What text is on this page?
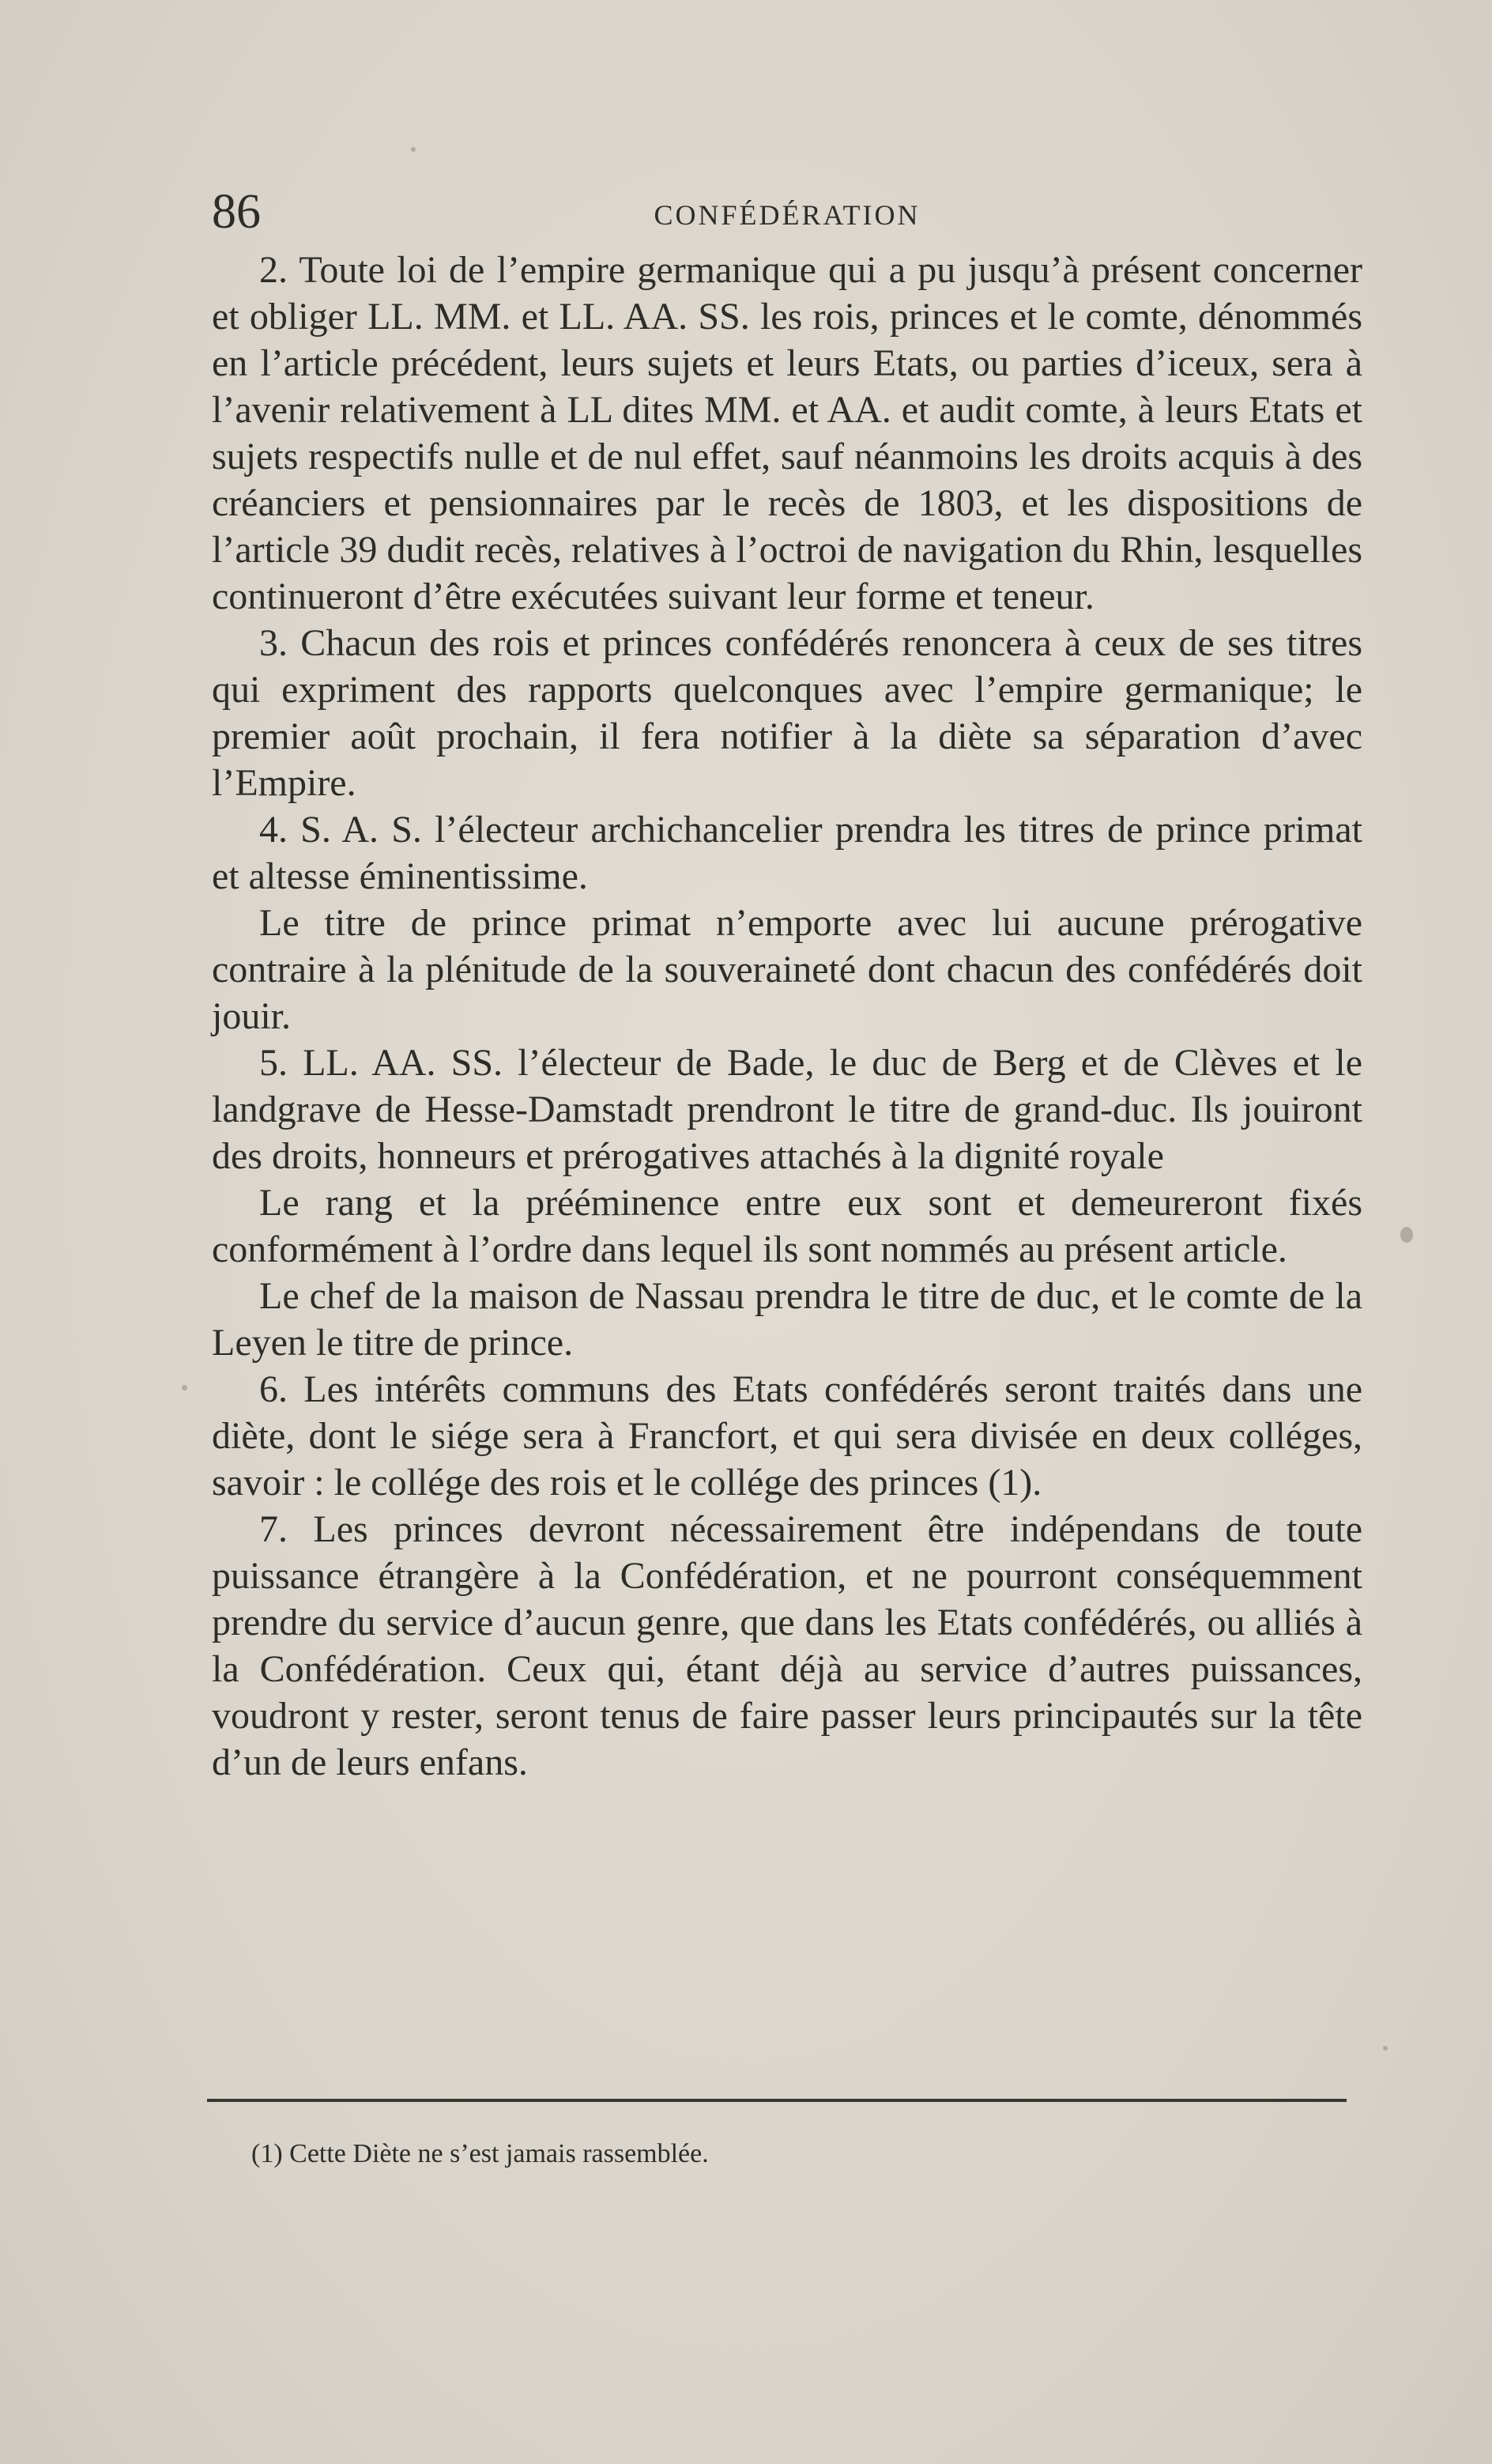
86	CONFÉDÉRATION

2. Toute loi de l’empire germanique qui a pu jusqu’à présent concerner et obliger LL. MM. et LL. AA. SS. les rois, princes et le comte, dénommés en l’article précédent, leurs sujets et leurs Etats, ou parties d’iceux, sera à l’avenir relativement à LL dites MM. et AA. et audit comte, à leurs Etats et sujets respectifs nulle et de nul effet, sauf néanmoins les droits acquis à des créanciers et pensionnaires par le recès de 1803, et les dispositions de l’article 39 dudit recès, relatives à l’octroi de navigation du Rhin, lesquelles continueront d’être exécutées suivant leur forme et teneur.

3. Chacun des rois et princes confédérés renoncera à ceux de ses titres qui expriment des rapports quelconques avec l’empire germanique; le premier août prochain, il fera notifier à la diète sa séparation d’avec l’Empire.

4. S. A. S. l’électeur archichancelier prendra les titres de prince primat et altesse éminentissime.

Le titre de prince primat n’emporte avec lui aucune prérogative contraire à la plénitude de la souveraineté dont chacun des confédérés doit jouir.

5. LL. AA. SS. l’électeur de Bade, le duc de Berg et de Clèves et le landgrave de Hesse-Damstadt prendront le titre de grand-duc. Ils jouiront des droits, honneurs et prérogatives attachés à la dignité royale

Le rang et la prééminence entre eux sont et demeureront fixés conformément à l’ordre dans lequel ils sont nommés au présent article.

Le chef de la maison de Nassau prendra le titre de duc, et le comte de la Leyen le titre de prince.

6. Les intérêts communs des Etats confédérés seront traités dans une diète, dont le siége sera à Francfort, et qui sera divisée en deux colléges, savoir : le collége des rois et le collége des princes (1).

7. Les princes devront nécessairement être indépendans de toute puissance étrangère à la Confédération, et ne pourront conséquemment prendre du service d’aucun genre, que dans les Etats confédérés, ou alliés à la Confédération. Ceux qui, étant déjà au service d’autres puissances, voudront y rester, seront tenus de faire passer leurs principautés sur la tête d’un de leurs enfans.

(1) Cette Diète ne s’est jamais rassemblée.
